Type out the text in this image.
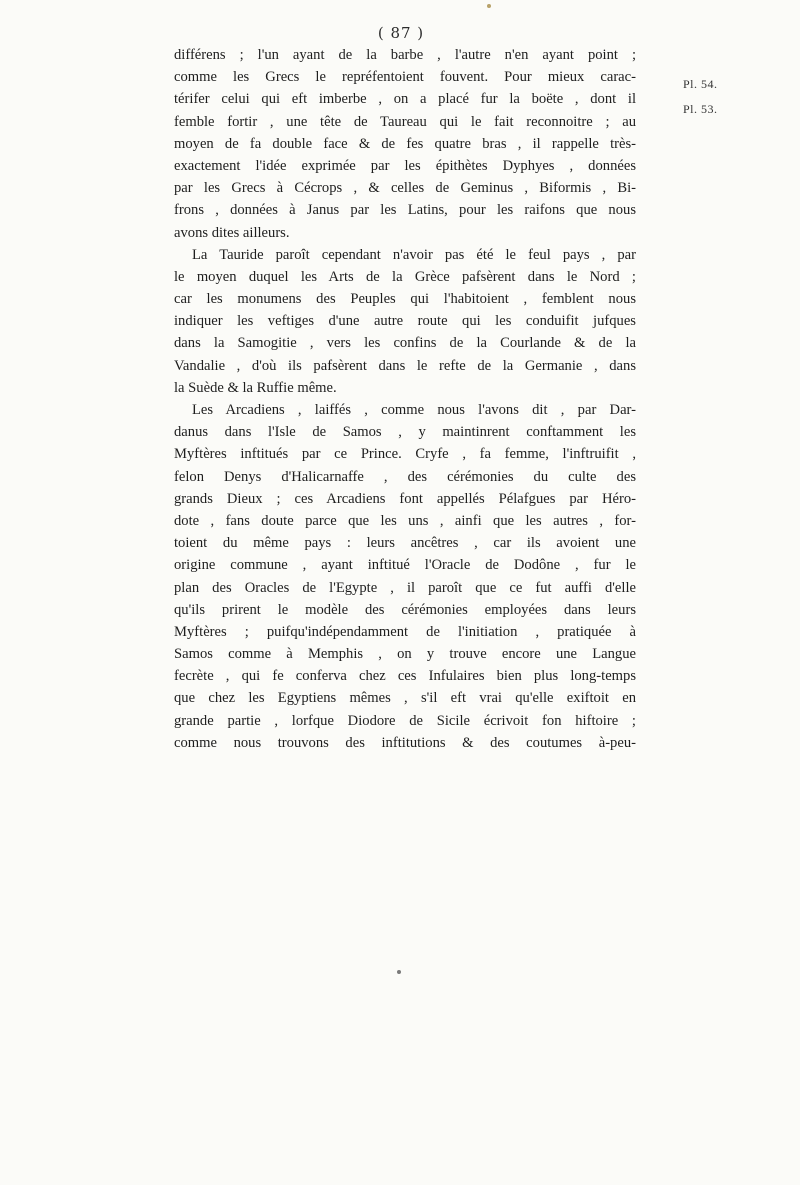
( 87 )
Pl. 54.
Pl. 53.
différens ; l'un ayant de la barbe , l'autre n'en ayant point ;
comme les Grecs le repréfentoient fouvent. Pour mieux carac-
térifer celui qui eft imberbe , on a placé fur la boëte , dont il
femble fortir , une tête de Taureau qui le fait reconnoitre ; au
moyen de fa double face & de fes quatre bras , il rappelle très-
exactement l'idée exprimée par les épithètes Dyphyes , données
par les Grecs à Cécrops , & celles de Geminus , Biformis , Bi-
frons , données à Janus par les Latins, pour les raifons que nous
avons dites ailleurs.
La Tauride paroît cependant n'avoir pas été le feul pays , par
le moyen duquel les Arts de la Grèce pafsèrent dans le Nord ;
car les monumens des Peuples qui l'habitoient , femblent nous
indiquer les veftiges d'une autre route qui les conduifit jufques
dans la Samogitie , vers les confins de la Courlande & de la
Vandalie , d'où ils pafsèrent dans le refte de la Germanie , dans
la Suède & la Ruffie même.
Les Arcadiens , laiffés , comme nous l'avons dit , par Dar-
danus dans l'Isle de Samos , y maintinrent conftamment les
Myftères inftitués par ce Prince. Cryfe , fa femme, l'inftruifit ,
felon Denys d'Halicarnaffe , des cérémonies du culte des
grands Dieux ; ces Arcadiens font appellés Pélafgues par Héro-
dote , fans doute parce que les uns , ainfi que les autres , for-
toient du même pays : leurs ancêtres , car ils avoient une
origine commune , ayant inftitué l'Oracle de Dodône , fur le
plan des Oracles de l'Egypte , il paroît que ce fut auffi d'elle
qu'ils prirent le modèle des cérémonies employées dans leurs
Myftères ; puifqu'indépendamment de l'initiation , pratiquée à
Samos comme à Memphis , on y trouve encore une Langue
fecrète , qui fe conferva chez ces Infulaires bien plus long-temps
que chez les Egyptiens mêmes , s'il eft vrai qu'elle exiftoit en
grande partie , lorfque Diodore de Sicile écrivoit fon hiftoire ;
comme nous trouvons des inftitutions & des coutumes à-peu-
